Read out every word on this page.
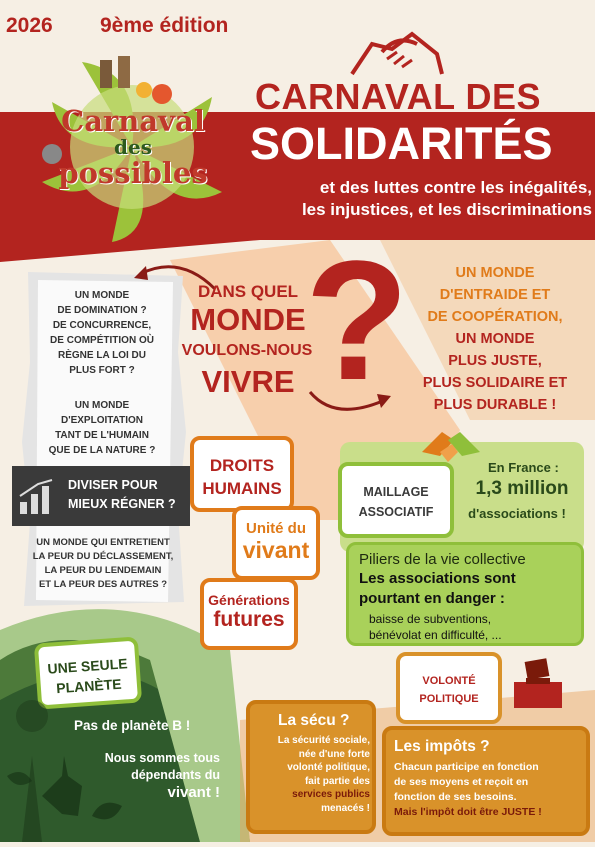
2026 9ème édition
Carnaval
des
possibles
CARNAVAL DES
SOLIDARITÉS
et des luttes contre les inégalités,
les injustices, et les discriminations
UN MONDE
DE DOMINATION ?
DE CONCURRENCE,
DE COMPÉTITION OÙ
RÈGNE LA LOI DU
PLUS FORT ?
UN MONDE
D'EXPLOITATION
TANT DE L'HUMAIN
QUE DE LA NATURE ?
DIVISER POUR
MIEUX RÉGNER ?
UN MONDE QUI ENTRETIENT
LA PEUR DU DÉCLASSEMENT,
LA PEUR DU LENDEMAIN
ET LA PEUR DES AUTRES ?
DANS QUEL
MONDE
VOULONS-NOUS
VIVRE ?	UN MONDE
D'ENTRAIDE ET
DE COOPÉRATION,
UN MONDE
PLUS JUSTE,
PLUS SOLIDAIRE ET
PLUS DURABLE !
DROITS
HUMAINS
Unité du
vivant
Générations
futures
MAILLAGE
ASSOCIATIF
En France :
1,3 million
d'associations !
Piliers de la vie collective
Les associations sont
pourtant en danger :
baisse de subventions,
bénévolat en difficulté, ...
UNE SEULE
PLANÈTE
Pas de planète B !
Nous sommes tous
dépendants du
vivant !
La sécu ?
La sécurité sociale,
née d'une forte
volonté politique,
fait partie des
services publics
menacés !
VOLONTÉ
POLITIQUE
Les impôts ?
Chacun participe en fonction
de ses moyens et reçoit en
fonction de ses besoins.
Mais l'impôt doit être JUSTE !
